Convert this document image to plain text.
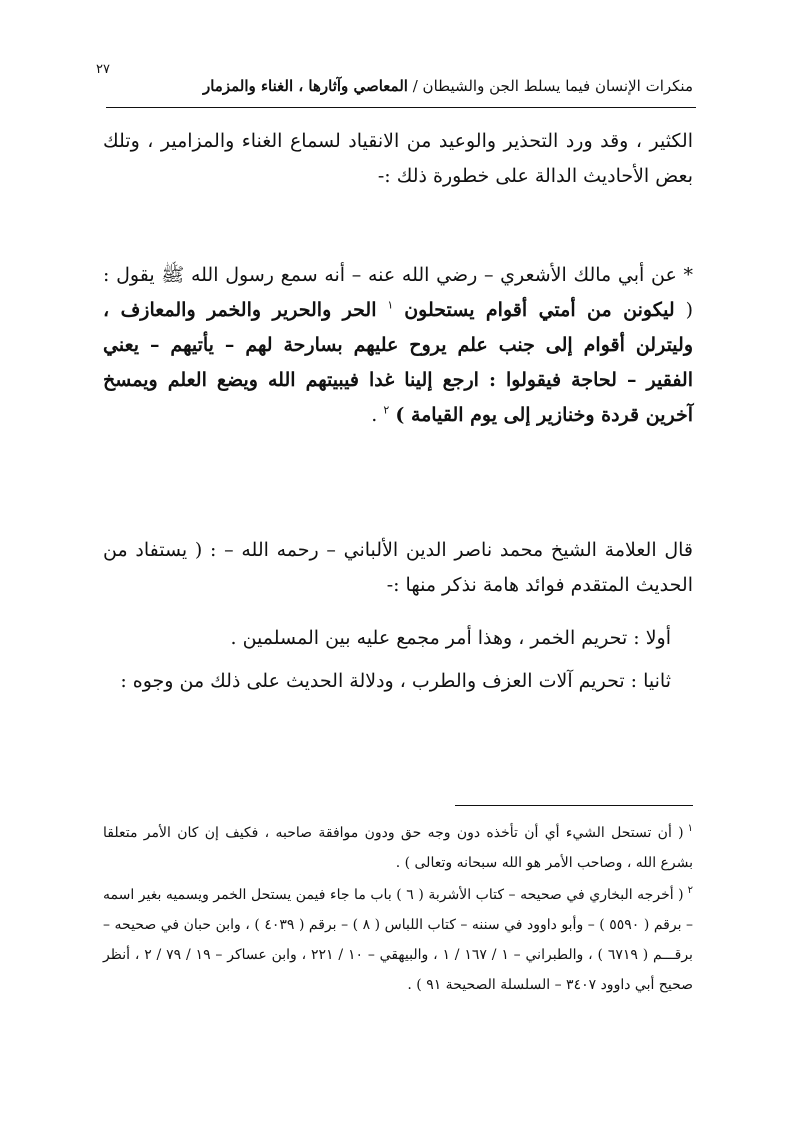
٢٧
منكرات الإنسان فيما يسلط الجن والشيطان / المعاصي وآثارها ، الغناء والمزمار

الكثير ، وقد ورد التحذير والوعيد من الانقياد لسماع الغناء والمزامير ، وتلك بعض الأحاديث الدالة على خطورة ذلك :-

* عن أبي مالك الأشعري – رضي الله عنه – أنه سمع رسول الله ﷺ يقول : ( ليكونن من أمتي أقوام يستحلون $^١$ الحر والحرير والخمر والمعازف ، وليترلن أقوام إلى جنب علم يروح عليهم بسارحة لهم – يأتيهم – يعني الفقير – لحاجة فيقولوا : ارجع إلينا غدا فيبيتهم الله ويضع العلم ويمسخ آخرين قردة وخنازير إلى يوم القيامة ) $^٢$ .

قال العلامة الشيخ محمد ناصر الدين الألباني – رحمه الله – : ( يستفاد من الحديث المتقدم فوائد هامة نذكر منها :-

أولا : تحريم الخمر ، وهذا أمر مجمع عليه بين المسلمين .

ثانيا : تحريم آلات العزف والطرب ، ودلالة الحديث على ذلك من وجوه :

$^١$( أن تستحل الشيء أي أن تأخذه دون وجه حق ودون موافقة صاحبه ، فكيف إن كان الأمر متعلقا بشرع الله ، وصاحب الأمر هو الله سبحانه وتعالى ) .

$^٢$( أخرجه البخاري في صحيحه – كتاب الأشربة ( ٦ ) باب ما جاء فيمن يستحل الخمر ويسميه بغير اسمه – برقم ( ٥٥٩٠ ) – وأبو داوود في سننه – كتاب اللباس ( ٨ ) – برقم ( ٤٠٣٩ ) ، وابن حبان في صحيحه – برقـــم ( ٦٧١٩ ) ، والطبراني – ١ / ١٦٧ / ١ ، والبيهقي – ١٠ / ٢٢١ ، وابن عساكر – ١٩ / ٧٩ / ٢ ، أنظر صحيح أبي داوود ٣٤٠٧ – السلسلة الصحيحة ٩١ ) .
